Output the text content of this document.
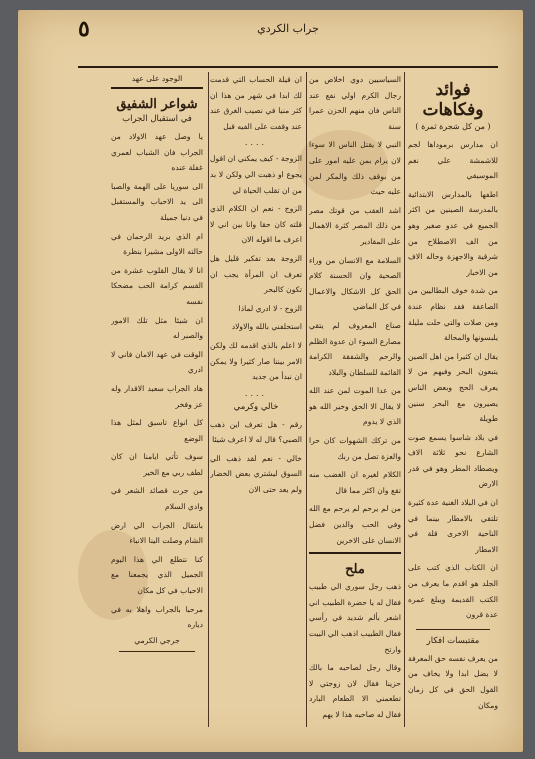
٥	جراب الكردي
فوائد وفكاهات
( من كل شجرة ثمرة )

ان مدارس برموداها لجم للاشمشة علي نغم الموسيقي

اطفها بالمدارس الابتدائية بالمدرسة الصينين من اكثر الجميع في عدو صغير وهو من الف الاصطلاح من شرقية والاجهزة وحاله الاف من الاخبار

من شدة خوف البطاليين من الصاعقة فقد نظام عندة ومن صلات والتي حلت مليلة يلبسونها والمحالة

يقال ان كثيرا من اهل الصين يتبعون البحر وفيهم من لا يعرف الحج وبعض الناس يصيرون مع البحر سنين طويلة

في بلاد شاسوا يسمع صوت الشارع نحو ثلاثة الاف ويصطاد المطر وهو في قدر الارض

ان في البلاد الغنية عدة كثيرة تلتقي بالامطار بينما في الناحية الاخرى قلة في الامطار

ان الكتاب الذي كتب على الجلد هو اقدم ما يعرف من الكتب القديمة ويبلغ عمره عدة قرون

مقتبسات افكار

من يعرف نفسه حق المعرفة لا يضل ابدا ولا يخاف من القول الحق في كل زمان ومكان

السياسيين دوي اخلاص من رجال الكرم اولي نفع عند الناس فان منهم الحزن عمرا سنة

النبي لا يقتل الناس الا سوءا لان يرام بمن عليه امور على من بوقف ذلك والمكر لمن عليه حيث

اشد العقب من قوتك مصر من ذلك المصر كثرة الاهمال على المقادير

السلامة مع الانسان من وراء الصحية وان الحسنة كلام الحق كل الاشكال والاعمال في كل الماضي

صناع المعروف لم يتقي مصارع السوء ان عدوة الظلم والرحم والشفقة الكرامة القائمة للسلطان والبلاد

من عدا الموت لمن عند الله لا يقال الا الحق وخير الله هو الذي لا يدوم

من تركك الشهوات كان حرا والعزة تصل من ربك

الكلام لغيره ان الغضب منه تقع وان اكثر مما قال

من لم يرحم لم يرحم مع الله وفي الحب والدين فضل الانسان على الاخرين

ملح

ذهب رجل سوري الي طبيب فقال له يا حضرة الطبيب اني اشعر بألم شديد في رأسي فقال الطبيب اذهب الي البيت وارتح

وقال رجل لصاحبه ما بالك حزينا فقال لان زوجتي لا تطعمني الا الطعام البارد فقال له صاحبه هذا لا يهم

ان قيلة الحساب التي قدمت لك ابدا في شهر من هذا ان كثر منيا في نصيب الغرق عند عند وقفت على الفيه قبل

....

الزوجة - كيف يمكني ان اقول يجوع او ذهبت الي ولكن لا بد من ان تقلب الحياة لي

الزوج - نعم ان الكلام الذي قلته كان حقا وانا بين اني لا اعرف ما اقوله الان

الزوجة بعد تفكير قليل هل تعرف ان المرأة يجب ان تكون كالبحر

الزوج - لا ادري لماذا

استحلفني بالله والاولاد

لا اعلم بالذي اقدمه لك ولكن الامر بيننا صار كثيرا ولا يمكن ان نبدأ من جديد

....
خالي وكرمي

رقم - هل تعرف اين ذهب الصبي؟ قال له لا اعرف شيئا

خالي - نعم لقد ذهب الي السوق ليشتري بعض الخضار ولم يعد حتى الان

الوجود على عهد
شواعر الشفيق
في استقبال الجراب

يا وصل عهد الاولاد من الجراب فان الشباب لعمري غفلة عنده

الى سوريا على الهمة والصبا الى يد الاحباب والمستقبل في دنيا جميلة

ام الذي بريد الرحمان في حالته الاولى مشيرا بنظرة

انا لا يقال القلوب عشرة من القسم كرامة الحب مضحكا نفسه

ان شيئا مثل تلك الامور والصبر له

الوقت في عهد الامان فاني لا ادري

هاد الجراب سعيد الاقدار وله عز وفخر

كل انواع تاسبق لمثل هذا الوضع

سوف تأتي ايامنا ان كان لطف ربي مع الخير

من جرت قصائد الشعر في وادي السلام

بانتقال الجراب الي ارض الشام وصلت الينا الانباء

كنا نتطلع الي هذا اليوم الجميل الذي يجمعنا مع الاحباب في كل مكان

مرحبا بالجراب واهلا به في دياره

جرجي الكرمي
